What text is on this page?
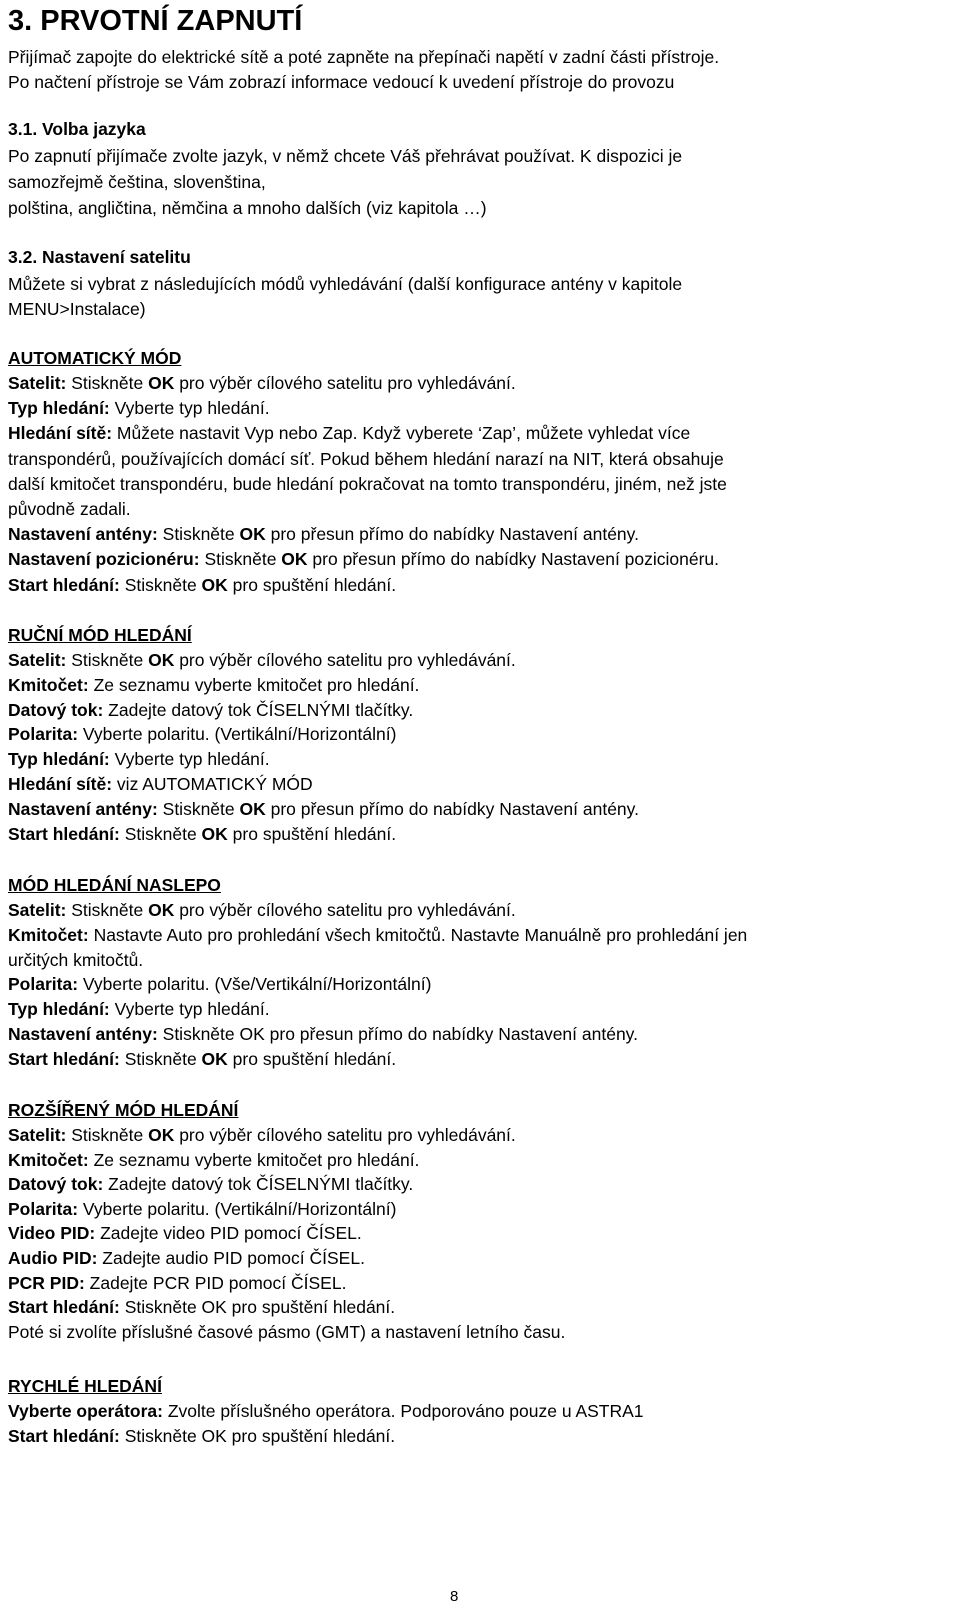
3. PRVOTNÍ ZAPNUTÍ

Přijímač zapojte do elektrické sítě a poté zapněte na přepínači napětí v zadní části přístroje.

Po načtení přístroje se Vám zobrazí informace vedoucí k uvedení přístroje do provozu

3.1. Volba jazyka

Po zapnutí přijímače zvolte jazyk, v němž chcete Váš přehrávat používat. K dispozici je

samozřejmě čeština, slovenština,

polština, angličtina, němčina a mnoho dalších (viz kapitola …)

3.2. Nastavení satelitu

Můžete si vybrat z následujících módů vyhledávání (další konfigurace antény v kapitole

MENU>Instalace)

AUTOMATICKÝ MÓD

Satelit: Stiskněte OK pro výběr cílového satelitu pro vyhledávání.
Typ hledání: Vyberte typ hledání.
Hledání sítě: Můžete nastavit Vyp nebo Zap. Když vyberete ‘Zap’, můžete vyhledat více
transpondérů, používajících domácí síť. Pokud během hledání narazí na NIT, která obsahuje
další kmitočet transpondéru, bude hledání pokračovat na tomto transpondéru, jiném, než jste
původně zadali.
Nastavení antény: Stiskněte OK pro přesun přímo do nabídky Nastavení antény.
Nastavení pozicionéru: Stiskněte OK pro přesun přímo do nabídky Nastavení pozicionéru.
Start hledání: Stiskněte OK pro spuštění hledání.

RUČNÍ MÓD HLEDÁNÍ

Satelit: Stiskněte OK pro výběr cílového satelitu pro vyhledávání.
Kmitočet: Ze seznamu vyberte kmitočet pro hledání.
Datový tok: Zadejte datový tok ČÍSELNÝMI tlačítky.
Polarita: Vyberte polaritu. (Vertikální/Horizontální)
Typ hledání: Vyberte typ hledání.
Hledání sítě: viz AUTOMATICKÝ MÓD
Nastavení antény: Stiskněte OK pro přesun přímo do nabídky Nastavení antény.
Start hledání: Stiskněte OK pro spuštění hledání.

MÓD HLEDÁNÍ NASLEPO

Satelit: Stiskněte OK pro výběr cílového satelitu pro vyhledávání.
Kmitočet: Nastavte Auto pro prohledání všech kmitočtů. Nastavte Manuálně pro prohledání jen
určitých kmitočtů.
Polarita: Vyberte polaritu. (Vše/Vertikální/Horizontální)
Typ hledání: Vyberte typ hledání.
Nastavení antény: Stiskněte OK pro přesun přímo do nabídky Nastavení antény.
Start hledání: Stiskněte OK pro spuštění hledání.

ROZŠÍŘENÝ MÓD HLEDÁNÍ

Satelit: Stiskněte OK pro výběr cílového satelitu pro vyhledávání.
Kmitočet: Ze seznamu vyberte kmitočet pro hledání.
Datový tok: Zadejte datový tok ČÍSELNÝMI tlačítky.
Polarita: Vyberte polaritu. (Vertikální/Horizontální)
Video PID: Zadejte video PID pomocí ČÍSEL.
Audio PID: Zadejte audio PID pomocí ČÍSEL.
PCR PID: Zadejte PCR PID pomocí ČÍSEL.
Start hledání: Stiskněte OK pro spuštění hledání.
Poté si zvolíte příslušné časové pásmo (GMT) a nastavení letního času.

RYCHLÉ HLEDÁNÍ

Vyberte operátora: Zvolte příslušného operátora. Podporováno pouze u ASTRA1
Start hledání: Stiskněte OK pro spuštění hledání.
8
